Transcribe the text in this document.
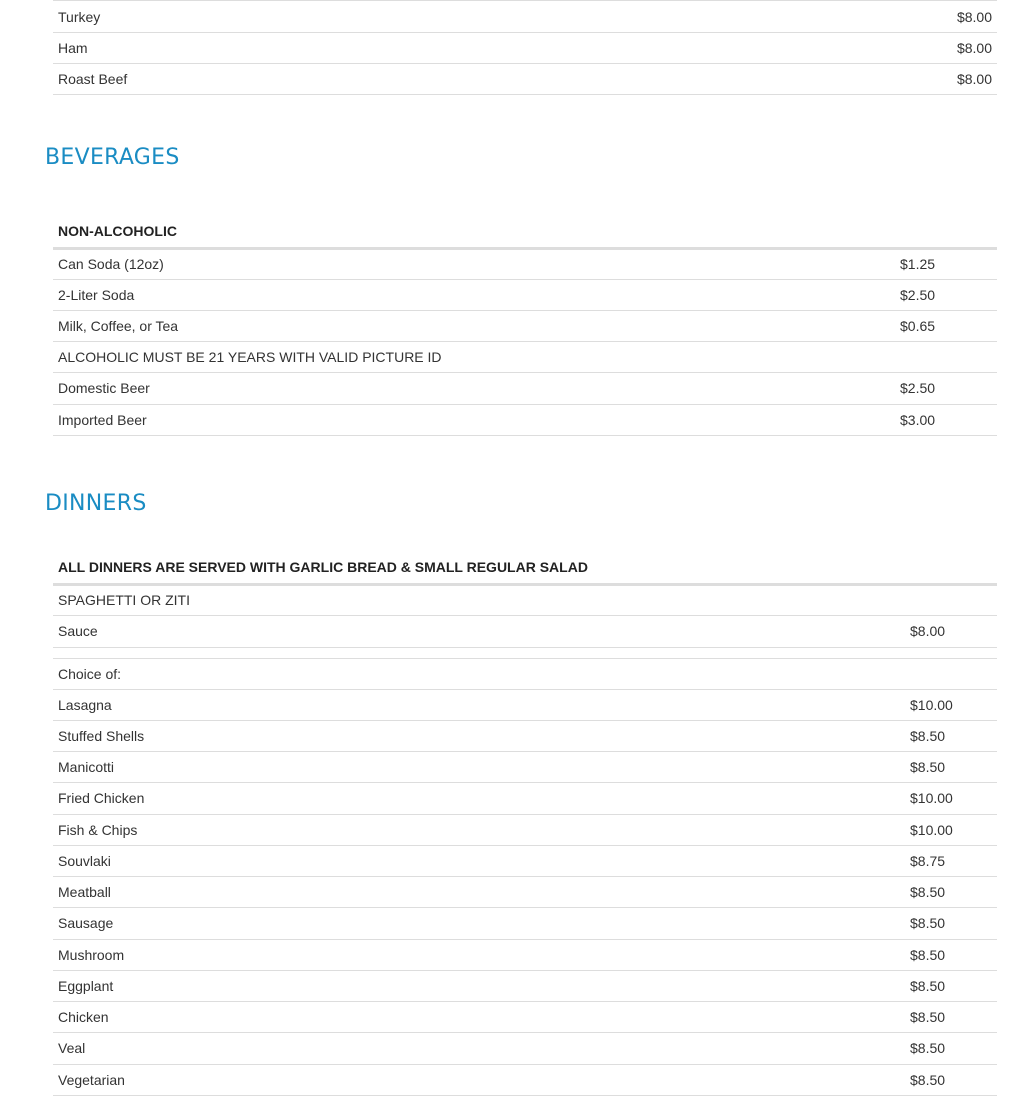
Turkey	$8.00
Ham	$8.00
Roast Beef	$8.00
BEVERAGES
NON-ALCOHOLIC	
Can Soda (12oz)	$1.25
2-Liter Soda	$2.50
Milk, Coffee, or Tea	$0.65
ALCOHOLIC MUST BE 21 YEARS WITH VALID PICTURE ID	
Domestic Beer	$2.50
Imported Beer	$3.00
DINNERS
ALL DINNERS ARE SERVED WITH GARLIC BREAD & SMALL REGULAR SALAD	
SPAGHETTI OR ZITI	
Sauce	$8.00

Choice of:	
Lasagna	$10.00
Stuffed Shells	$8.50
Manicotti	$8.50
Fried Chicken	$10.00
Fish & Chips	$10.00
Souvlaki	$8.75
Meatball	$8.50
Sausage	$8.50
Mushroom	$8.50
Eggplant	$8.50
Chicken	$8.50
Veal	$8.50
Vegetarian	$8.50
